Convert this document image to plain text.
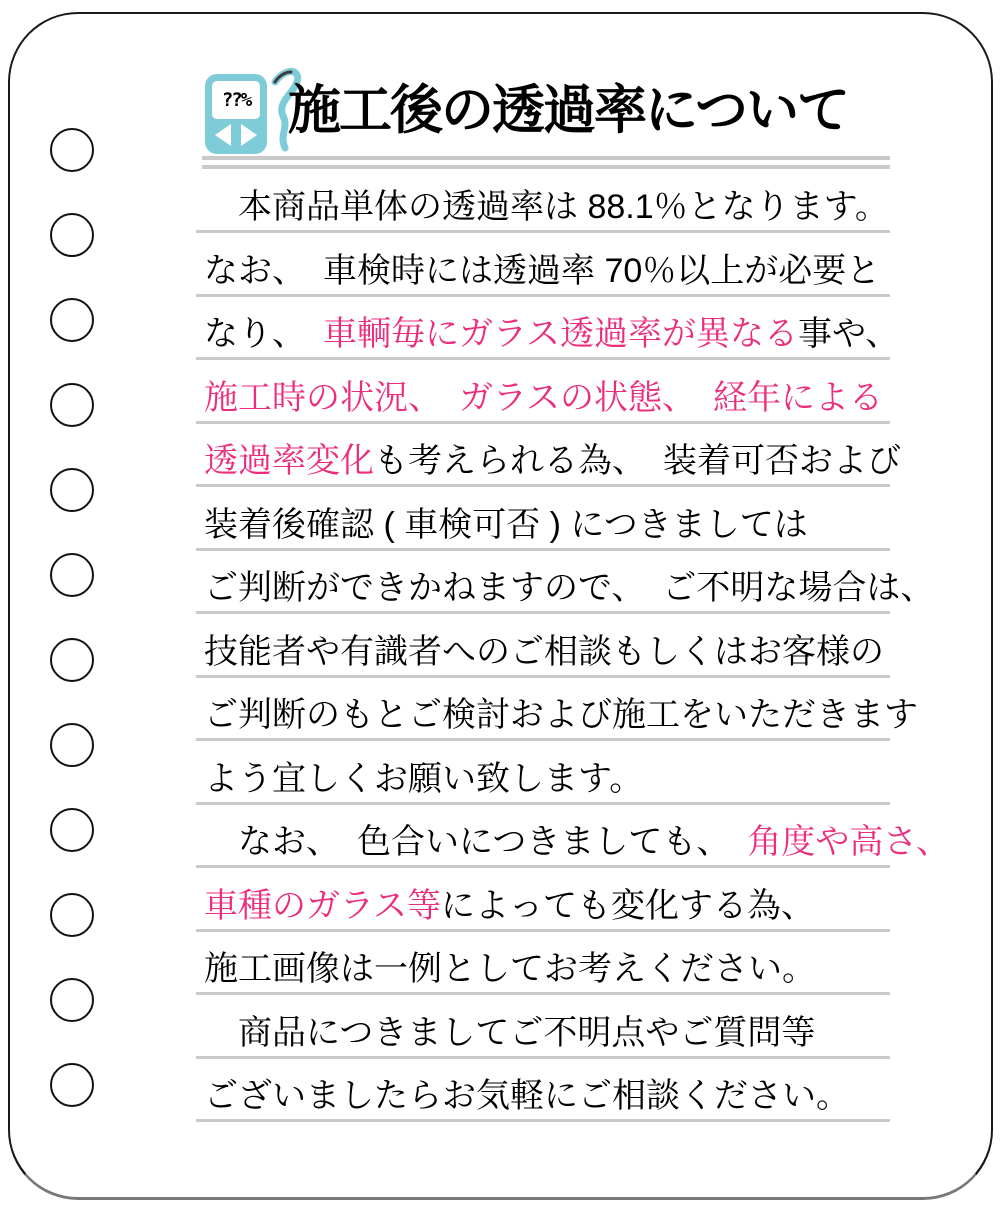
??% 施工後の透過率について
　本商品単体の透過率は 88.1％となります。
なお、　車検時には透過率 70％以上が必要と
なり、　車輌毎にガラス透過率が異なる事や、
施工時の状況、　ガラスの状態、　経年による
透過率変化も考えられる為、　装着可否および
装着後確認 ( 車検可否 ) につきましては
ご判断ができかねますので、　ご不明な場合は、
技能者や有識者へのご相談もしくはお客様の
ご判断のもとご検討および施工をいただきます
よう宜しくお願い致します。
　なお、　色合いにつきましても、　角度や高さ、
車種のガラス等によっても変化する為、
施工画像は一例としてお考えください。
　商品につきましてご不明点やご質問等
ございましたらお気軽にご相談ください。
